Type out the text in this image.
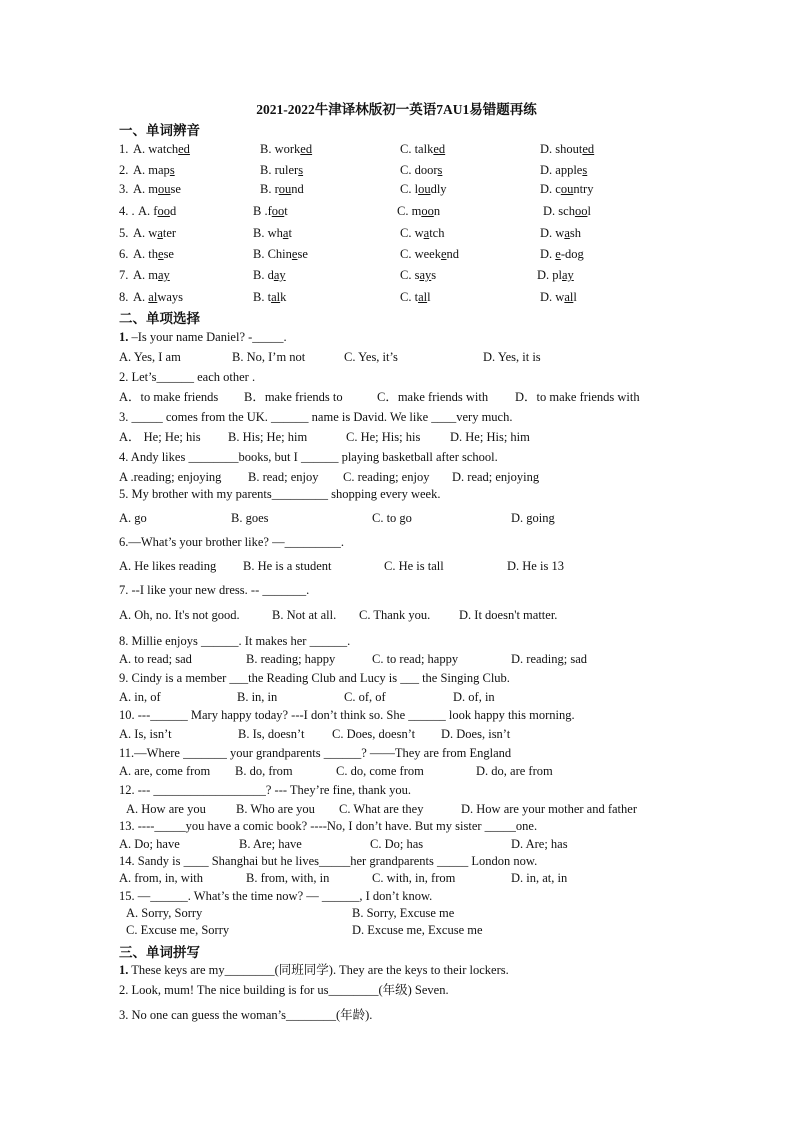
2021-2022牛津译林版初一英语7AU1易错题再练
一、单词辨音
1. A. watched	B. worked	C. talked	D. shouted
2. A. maps	B. rulers	C. doors	D. apples
3. A. mouse	B. round	C. loudly	D. country
4. . A. food	B .foot	C. moon	D. school
5. A. water	B. what	C. watch	D. wash
6. A. these	B. Chinese	C. weekend	D. e-dog
7. A. may	B. day	C. says	D. play
8. A. always	B. talk	C. tall	D. wall
二、单项选择
1. –Is your name Daniel? -_____.
A. Yes, I am	B. No, I’m not	C. Yes, it’s	D. Yes, it is
2. Let’s______ each other .
A．to make friends B．make friends to	C．make friends with D．to make friends with
3. _____ comes from the UK. ______ name is David. We like ____very much.
A． He; He; his B. His; He; him	C. He; His; his D. He; His; him
4. Andy likes ________books, but I ______ playing basketball after school.
A .reading; enjoying B. read; enjoy C. reading; enjoy D. read; enjoying
5. My brother with my parents_________ shopping every week.
A. go	B. goes	C. to go	D. going
6.—What’s your brother like? —_________.
A. He likes reading B. He is a student	C. He is tall	D. He is 13
7. --I like your new dress. -- _______.
A. Oh, no. It's not good.	B. Not at all. C. Thank you. D. It doesn't matter.
8. Millie enjoys ______. It makes her ______.
A. to read; sad	B. reading; happy	C. to read; happy	D. reading; sad
9. Cindy is a member ___the Reading Club and Lucy is ___ the Singing Club.
A. in, of	B. in, in	C. of, of	D. of, in
10. ---______ Mary happy today? ---I don’t think so. She ______ look happy this morning.
A. Is, isn’t	B. Is, doesn’t C. Does, doesn’t D. Does, isn’t
11.—Where _______ your grandparents ______? ——They are from England
A. are, come from B. do, from	C. do, come from	D. do, are from
12. --- __________________? --- They’re fine, thank you.
A. How are you B. Who are you C. What are they	D. How are your mother and father
13. ----_____you have a comic book? ----No, I don’t have. But my sister _____one.
A. Do; have	B. Are; have	C. Do; has	D. Are; has
14. Sandy is ____ Shanghai but he lives_____her grandparents _____ London now.
A. from, in, with	B. from, with, in	C. with, in, from	D. in, at, in
15. —______. What’s the time now? — ______, I don’t know.
A. Sorry, Sorry	B. Sorry, Excuse me
C. Excuse me, Sorry	D. Excuse me, Excuse me
三、单词拼写
1. These keys are my________(同班同学). They are the keys to their lockers.
2. Look, mum! The nice building is for us________(年级) Seven.
3. No one can guess the woman’s________(年龄).
